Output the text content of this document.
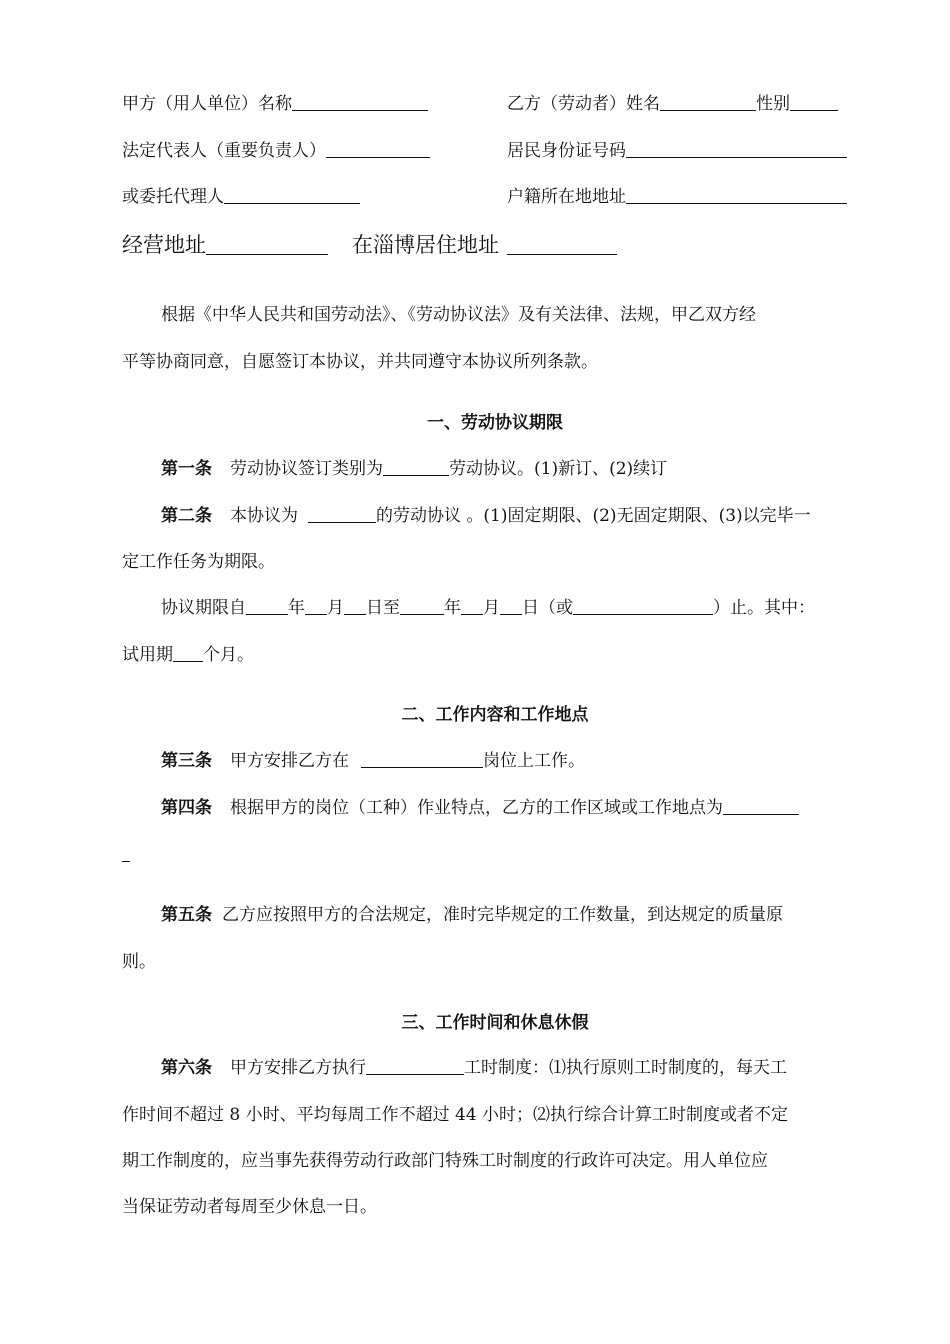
甲方（用人单位）名称	乙方（劳动者）姓名	性别
法定代表人（重要负责人）	居民身份证号码
或委托代理人	户籍所在地地址
经营地址	在淄博居住地址
根据《中华人民共和国劳动法》、《劳动协议法》及有关法律、法规，甲乙双方经
平等协商同意，自愿签订本协议，并共同遵守本协议所列条款。
一、劳动协议期限
第一条 劳动协议签订类别为	劳动协议。(1)新订、(2)续订
第二条 本协议为	的劳动协议 。(1)固定期限、(2)无固定期限、(3)以完毕一
定工作任务为期限。
协议期限自 年 月 日至	年 月 日（或	）止。其中：
试用期 个月。
二、工作内容和工作地点
第三条 甲方安排乙方在	岗位上工作。
第四条 根据甲方的岗位（工种）作业特点，乙方的工作区域或工作地点为
第五条 乙方应按照甲方的合法规定，准时完毕规定的工作数量，到达规定的质量原
则。
三、工作时间和休息休假
第六条 甲方安排乙方执行	工时制度：⑴执行原则工时制度的，每天工
作时间不超过 8 小时、平均每周工作不超过 44 小时；⑵执行综合计算工时制度或者不定
期工作制度的，应当事先获得劳动行政部门特殊工时制度的行政许可决定。用人单位应
当保证劳动者每周至少休息一日。
